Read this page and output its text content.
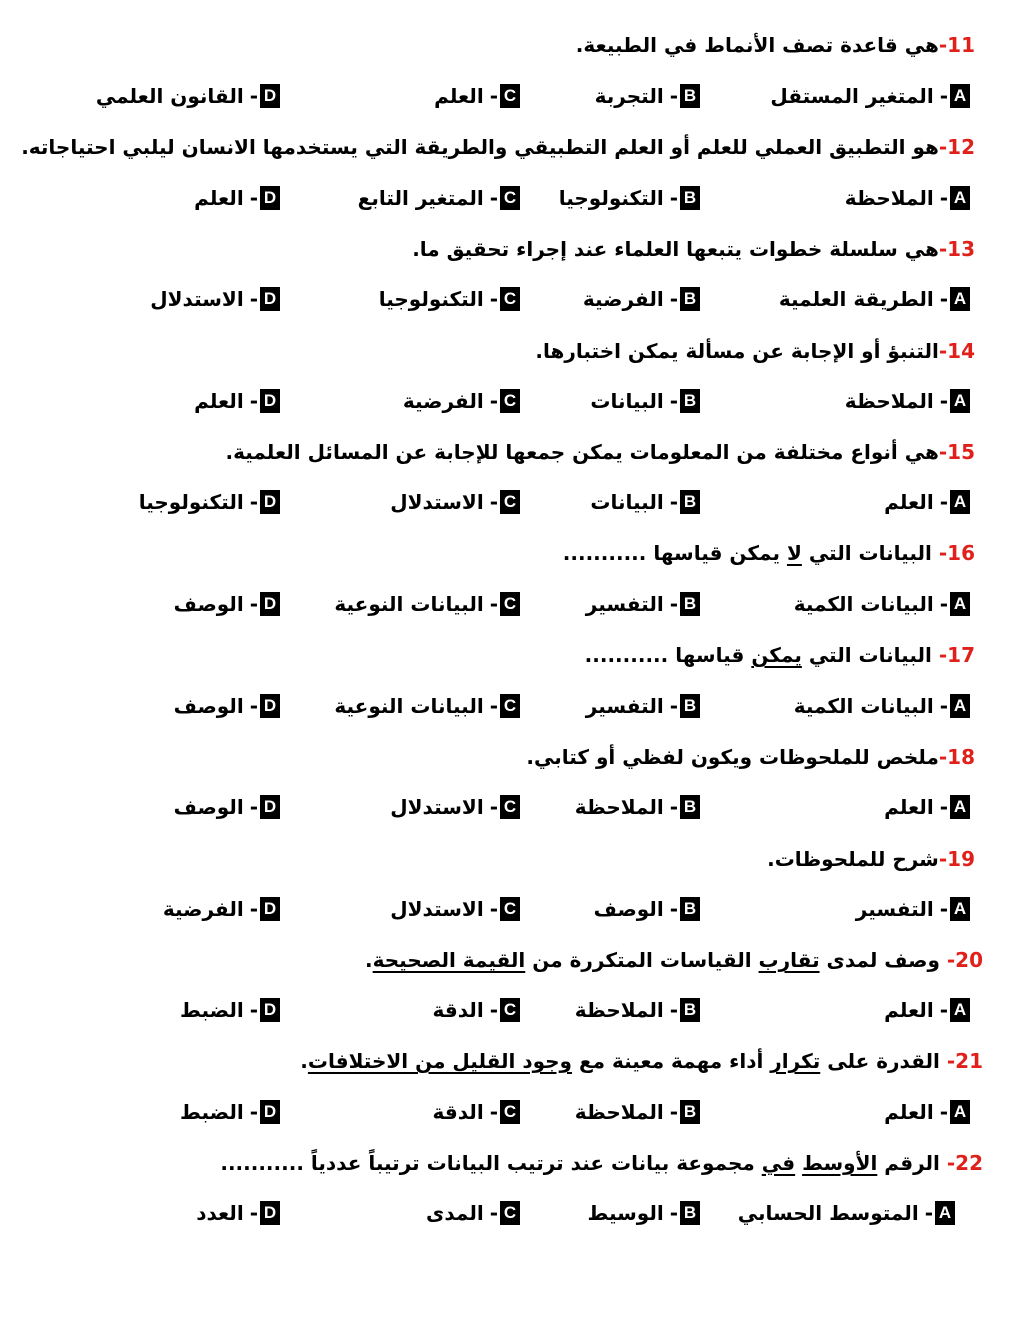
11-هي قاعدة تصف الأنماط في الطبيعة.
A
-
المتغير المستقل
B
-
التجربة
C
-
العلم
D
-
القانون العلمي
12-هو التطبيق العملي للعلم أو العلم التطبيقي والطريقة التي يستخدمها الانسان ليلبي احتياجاته.
A
-
الملاحظة
B
-
التكنولوجيا
C
-
المتغير التابع
D
-
العلم
13-هي سلسلة خطوات يتبعها العلماء عند إجراء تحقيق ما.
A
-
الطريقة العلمية
B
-
الفرضية
C
-
التكنولوجيا
D
-
الاستدلال
14-التنبؤ أو الإجابة عن مسألة يمكن اختبارها.
A
-
الملاحظة
B
-
البيانات
C
-
الفرضية
D
-
العلم
15-هي أنواع مختلفة من المعلومات يمكن جمعها للإجابة عن المسائل العلمية.
A
-
العلم
B
-
البيانات
C
-
الاستدلال
D
-
التكنولوجيا
16- البيانات التي لا يمكن قياسها ...........
A
-
البيانات الكمية
B
-
التفسير
C
-
البيانات النوعية
D
-
الوصف
17- البيانات التي يمكن قياسها ...........
A
-
البيانات الكمية
B
-
التفسير
C
-
البيانات النوعية
D
-
الوصف
18-ملخص للملحوظات ويكون لفظي أو كتابي.
A
-
العلم
B
-
الملاحظة
C
-
الاستدلال
D
-
الوصف
19-شرح للملحوظات.
A
-
التفسير
B
-
الوصف
C
-
الاستدلال
D
-
الفرضية
20- وصف لمدى تقارب القياسات المتكررة من القيمة الصحيحة.
A
-
العلم
B
-
الملاحظة
C
-
الدقة
D
-
الضبط
21- القدرة على تكرار أداء مهمة معينة مع وجود القليل من الاختلافات.
A
-
العلم
B
-
الملاحظة
C
-
الدقة
D
-
الضبط
22- الرقم الأوسط في مجموعة بيانات عند ترتيب البيانات ترتيباً عددياً ...........
A
-
المتوسط الحسابي
B
-
الوسيط
C
-
المدى
D
-
العدد
